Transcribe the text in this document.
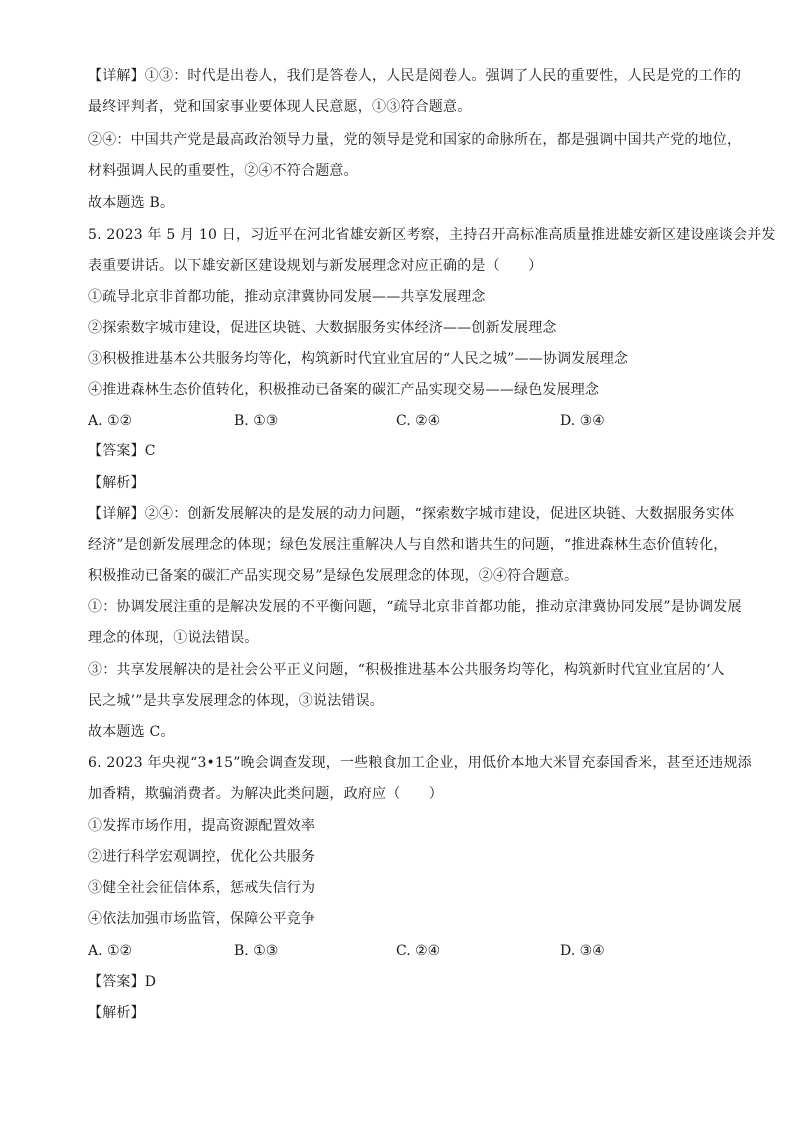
【详解】①③：时代是出卷人，我们是答卷人，人民是阅卷人。强调了人民的重要性，人民是党的工作的
最终评判者，党和国家事业要体现人民意愿，①③符合题意。
②④：中国共产党是最高政治领导力量，党的领导是党和国家的命脉所在，都是强调中国共产党的地位，
材料强调人民的重要性，②④不符合题意。
故本题选 B。
5. 2023 年 5 月 10 日，习近平在河北省雄安新区考察，主持召开高标准高质量推进雄安新区建设座谈会并发
表重要讲话。以下雄安新区建设规划与新发展理念对应正确的是（　　）
①疏导北京非首都功能，推动京津冀协同发展——共享发展理念
②探索数字城市建设，促进区块链、大数据服务实体经济——创新发展理念
③积极推进基本公共服务均等化，构筑新时代宜业宜居的“人民之城”——协调发展理念
④推进森林生态价值转化，积极推动已备案的碳汇产品实现交易——绿色发展理念
A. ①②	B. ①③	C. ②④	D. ③④
【答案】C
【解析】
【详解】②④：创新发展解决的是发展的动力问题，“探索数字城市建设，促进区块链、大数据服务实体
经济”是创新发展理念的体现；绿色发展注重解决人与自然和谐共生的问题，“推进森林生态价值转化，
积极推动已备案的碳汇产品实现交易”是绿色发展理念的体现，②④符合题意。
①：协调发展注重的是解决发展的不平衡问题，“疏导北京非首都功能，推动京津冀协同发展”是协调发展
理念的体现，①说法错误。
③：共享发展解决的是社会公平正义问题，“积极推进基本公共服务均等化，构筑新时代宜业宜居的‘人
民之城’”是共享发展理念的体现，③说法错误。
故本题选 C。
6. 2023 年央视“3•15”晚会调查发现，一些粮食加工企业，用低价本地大米冒充泰国香米，甚至还违规添
加香精，欺骗消费者。为解决此类问题，政府应（　　）
①发挥市场作用，提高资源配置效率
②进行科学宏观调控，优化公共服务
③健全社会征信体系，惩戒失信行为
④依法加强市场监管，保障公平竞争
A. ①②	B. ①③	C. ②④	D. ③④
【答案】D
【解析】
